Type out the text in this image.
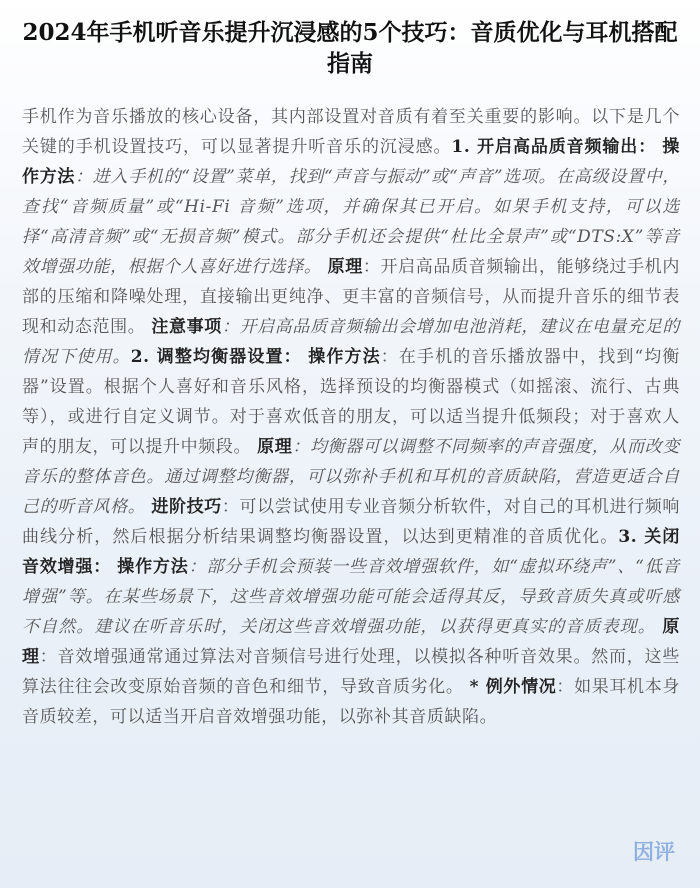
2024年手机听音乐提升沉浸感的5个技巧：音质优化与耳机搭配指南
手机作为音乐播放的核心设备，其内部设置对音质有着至关重要的影响。以下是几个关键的手机设置技巧，可以显著提升听音乐的沉浸感。1. 开启高品质音频输出： 操作方法：进入手机的“设置”菜单，找到“声音与振动”或“声音”选项。在高级设置中，查找“音频质量”或“Hi-Fi 音频”选项，并确保其已开启。如果手机支持，可以选择“高清音频”或“无损音频”模式。部分手机还会提供“杜比全景声”或“DTS:X”等音效增强功能，根据个人喜好进行选择。 原理：开启高品质音频输出，能够绕过手机内部的压缩和降噪处理，直接输出更纯净、更丰富的音频信号，从而提升音乐的细节表现和动态范围。 注意事项：开启高品质音频输出会增加电池消耗，建议在电量充足的情况下使用。2. 调整均衡器设置： 操作方法：在手机的音乐播放器中，找到“均衡器”设置。根据个人喜好和音乐风格，选择预设的均衡器模式（如摇滚、流行、古典等），或进行自定义调节。对于喜欢低音的朋友，可以适当提升低频段；对于喜欢人声的朋友，可以提升中频段。 原理：均衡器可以调整不同频率的声音强度，从而改变音乐的整体音色。通过调整均衡器，可以弥补手机和耳机的音质缺陷，营造更适合自己的听音风格。 进阶技巧：可以尝试使用专业音频分析软件，对自己的耳机进行频响曲线分析，然后根据分析结果调整均衡器设置，以达到更精准的音质优化。3. 关闭音效增强： 操作方法：部分手机会预装一些音效增强软件，如“虚拟环绕声”、“低音增强”等。在某些场景下，这些音效增强功能可能会适得其反，导致音质失真或听感不自然。建议在听音乐时，关闭这些音效增强功能，以获得更真实的音质表现。 原理：音效增强通常通过算法对音频信号进行处理，以模拟各种听音效果。然而，这些算法往往会改变原始音频的音色和细节，导致音质劣化。 * 例外情况：如果耳机本身音质较差，可以适当开启音效增强功能，以弥补其音质缺陷。
因评
